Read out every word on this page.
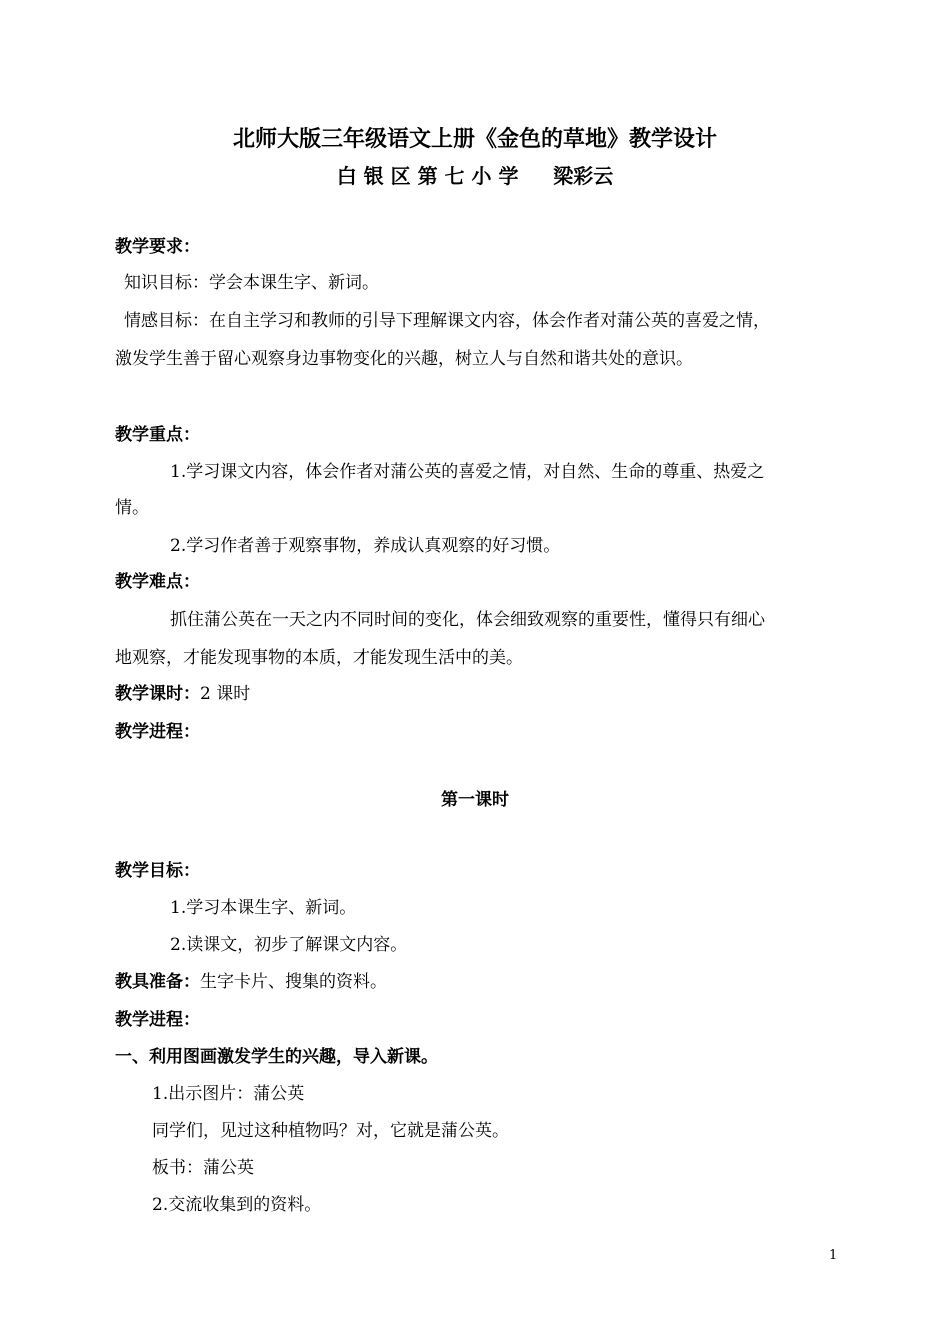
北师大版三年级语文上册《金色的草地》教学设计
白 银 区 第 七 小 学     梁彩云
教学要求：
知识目标：学会本课生字、新词。
情感目标：在自主学习和教师的引导下理解课文内容，体会作者对蒲公英的喜爱之情，
激发学生善于留心观察身边事物变化的兴趣，树立人与自然和谐共处的意识。
教学重点：
1.学习课文内容，体会作者对蒲公英的喜爱之情，对自然、生命的尊重、热爱之
情。
2.学习作者善于观察事物，养成认真观察的好习惯。
教学难点：
抓住蒲公英在一天之内不同时间的变化，体会细致观察的重要性，懂得只有细心
地观察，才能发现事物的本质，才能发现生活中的美。
教学课时：2 课时
教学进程：
第一课时
教学目标：
1.学习本课生字、新词。
2.读课文，初步了解课文内容。
教具准备：生字卡片、搜集的资料。
教学进程：
一、利用图画激发学生的兴趣，导入新课。
1.出示图片：蒲公英
同学们，见过这种植物吗？对，它就是蒲公英。
板书：蒲公英
2.交流收集到的资料。
1
